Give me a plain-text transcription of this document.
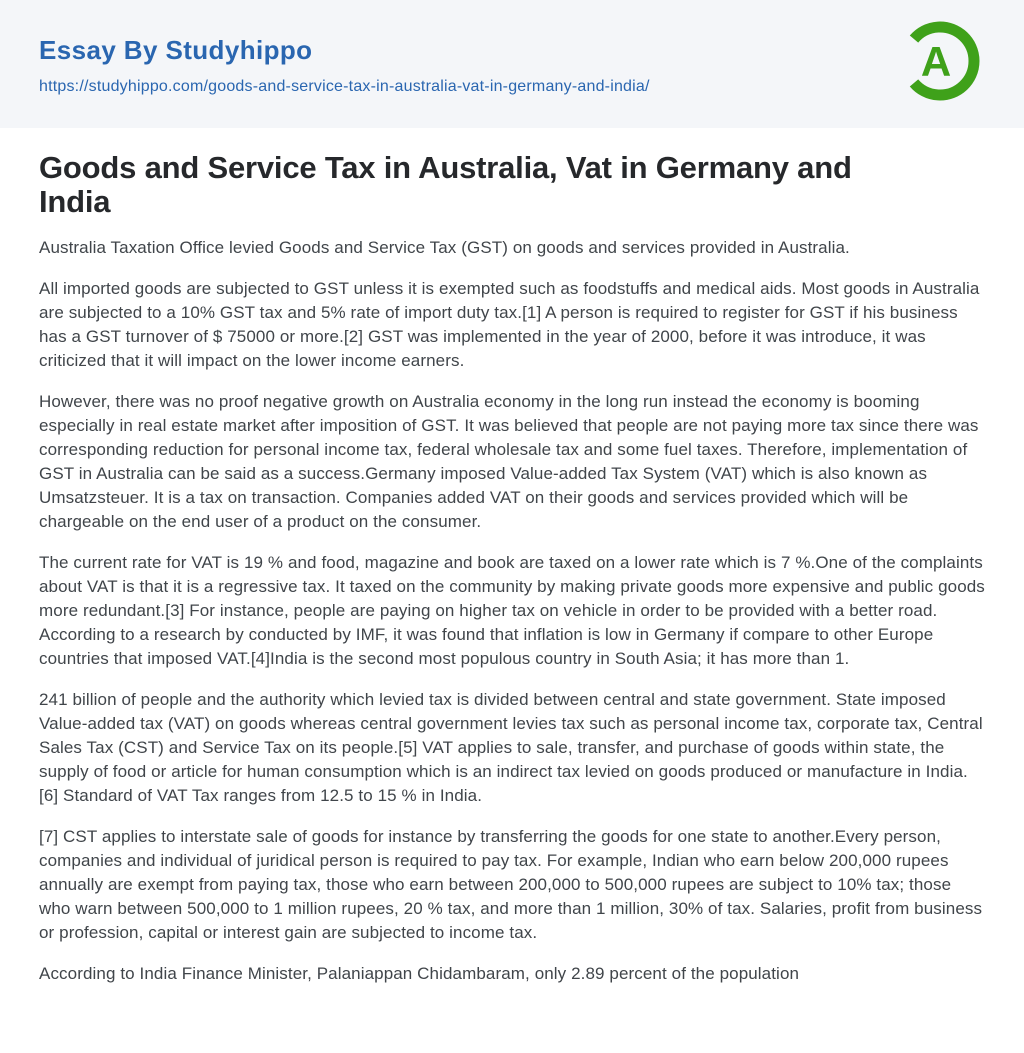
Essay By Studyhippo
https://studyhippo.com/goods-and-service-tax-in-australia-vat-in-germany-and-india/
A
Goods and Service Tax in Australia, Vat in Germany and India

Australia Taxation Office levied Goods and Service Tax (GST) on goods and services provided in Australia.

All imported goods are subjected to GST unless it is exempted such as foodstuffs and medical aids. Most goods in Australia are subjected to a 10% GST tax and 5% rate of import duty tax.[1] A person is required to register for GST if his business has a GST turnover of $ 75000 or more.[2] GST was implemented in the year of 2000, before it was introduce, it was criticized that it will impact on the lower income earners.

However, there was no proof negative growth on Australia economy in the long run instead the economy is booming especially in real estate market after imposition of GST. It was believed that people are not paying more tax since there was corresponding reduction for personal income tax, federal wholesale tax and some fuel taxes. Therefore, implementation of GST in Australia can be said as a success.Germany imposed Value-added Tax System (VAT) which is also known as Umsatzsteuer. It is a tax on transaction. Companies added VAT on their goods and services provided which will be chargeable on the end user of a product on the consumer.

The current rate for VAT is 19 % and food, magazine and book are taxed on a lower rate which is 7 %.One of the complaints about VAT is that it is a regressive tax. It taxed on the community by making private goods more expensive and public goods more redundant.[3] For instance, people are paying on higher tax on vehicle in order to be provided with a better road. According to a research by conducted by IMF, it was found that inflation is low in Germany if compare to other Europe countries that imposed VAT.[4]India is the second most populous country in South Asia; it has more than 1.

241 billion of people and the authority which levied tax is divided between central and state government. State imposed Value-added tax (VAT) on goods whereas central government levies tax such as personal income tax, corporate tax, Central Sales Tax (CST) and Service Tax on its people.[5] VAT applies to sale, transfer, and purchase of goods within state, the supply of food or article for human consumption which is an indirect tax levied on goods produced or manufacture in India.[6] Standard of VAT Tax ranges from 12.5 to 15 % in India.

[7] CST applies to interstate sale of goods for instance by transferring the goods for one state to another.Every person, companies and individual of juridical person is required to pay tax. For example, Indian who earn below 200,000 rupees annually are exempt from paying tax, those who earn between 200,000 to 500,000 rupees are subject to 10% tax; those who warn between 500,000 to 1 million rupees, 20 % tax, and more than 1 million, 30% of tax. Salaries, profit from business or profession, capital or interest gain are subjected to income tax.

According to India Finance Minister, Palaniappan Chidambaram, only 2.89 percent of the population
